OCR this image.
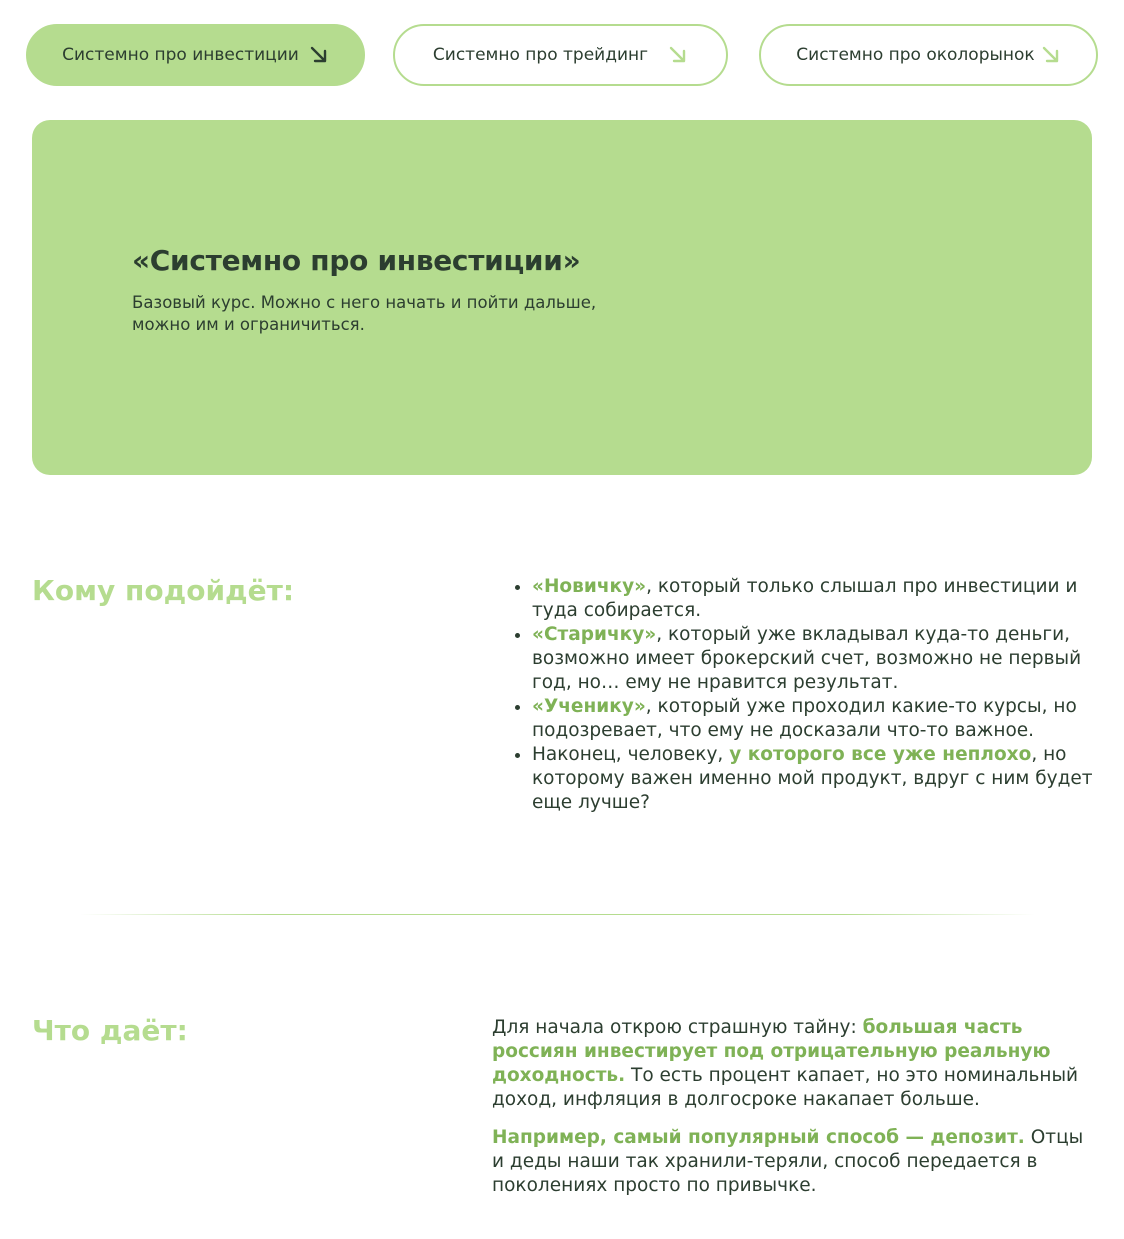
Системно про инвестиции	Системно про трейдинг	Системно про околорынок
«Системно про инвестиции»

Базовый курс. Можно с него начать и пойти дальше, можно им и ограничиться.

Кому подойдёт:
•	«Новичку», который только слышал про инвестиции и туда собирается.
• «Старичку», который уже вкладывал куда-то деньги, возможно имеет брокерский счет, возможно не первый год, но… ему не нравится результат.
• «Ученику», который уже проходил какие-то курсы, но подозревает, что ему не досказали что-то важное.
• Наконец, человеку, у которого все уже неплохо, но которому важен именно мой продукт, вдруг с ним будет еще лучше?
Что даёт:	Для начала открою страшную тайну: большая часть россиян инвестирует под отрицательную реальную доходность. То есть процент капает, но это номинальный доход, инфляция в долгосроке накапает больше.

Например, самый популярный способ — депозит. Отцы и деды наши так хранили-теряли, способ передается в поколениях просто по привычке.
